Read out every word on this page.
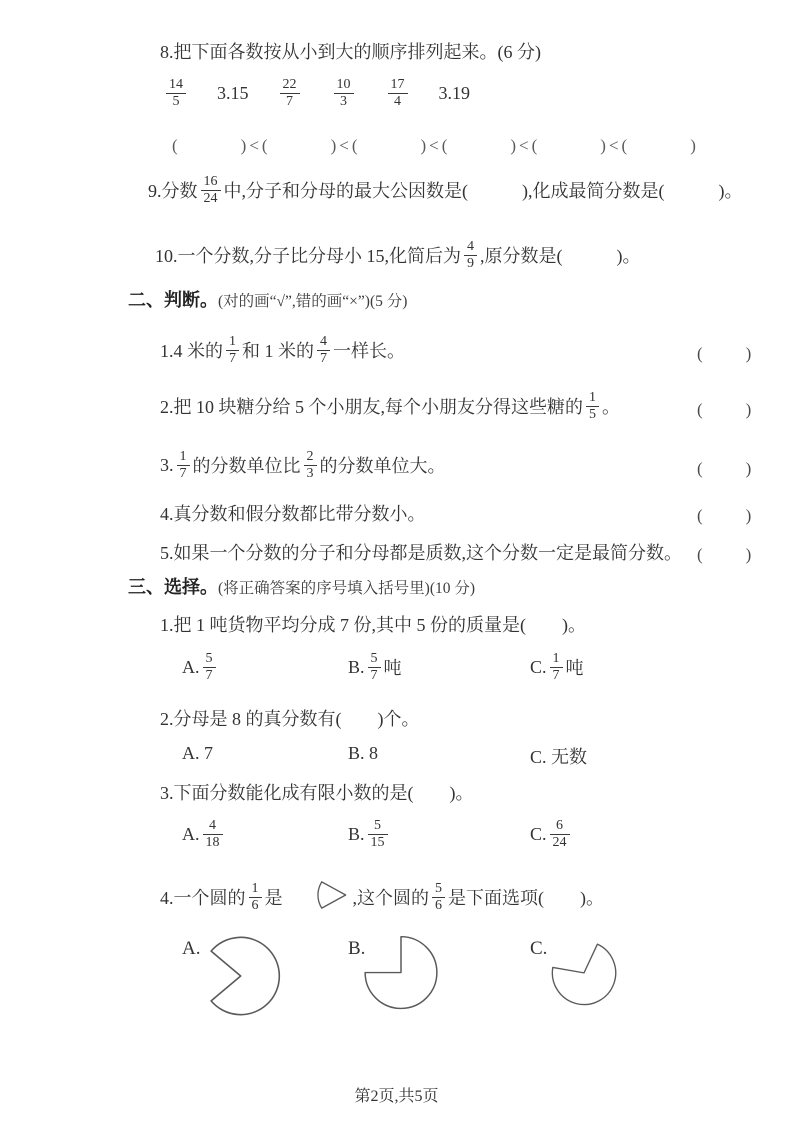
8.把下面各数按从小到大的顺序排列起来。(6 分)
14
5	3.15 22
7
10
3
17
4	3.19
(　　　)<(　　　)<(　　　)<(　　　)<(　　　)<(　　　)
9.分数 16
24 中,分子和分母的最大公因数是(　　　),化成最简分数是(　　　)。
10.一个分数,分子比分母小 15,化简后为 4
9 ,原分数是(　　　)。
二、判断。(对的画“√”,错的画“×”)(5 分)
1.4 米的 1
7 和 1 米的 4
7 一样长。	(　　)
2.把 10 块糖分给 5 个小朋友,每个小朋友分得这些糖的 1
5 。	(　　)
3. 1
7 的分数单位比 2
3 的分数单位大。	(　　)
4.真分数和假分数都比带分数小。	(　　)
5.如果一个分数的分子和分母都是质数,这个分数一定是最简分数。 (　　)
三、选择。(将正确答案的序号填入括号里)(10 分)
1.把 1 吨货物平均分成 7 份,其中 5 份的质量是(　　)。
A. 5
7	B. 5
7 吨	C. 1
7 吨
2.分母是 8 的真分数有(　　)个。
A. 7	B. 8	C. 无数
3.下面分数能化成有限小数的是(　　)。
A. 4
18	B. 5
15	C. 6
24
4.一个圆的 1
6 是

	,这个圆的 5
6 是下面选项(　　)。
A.	B.	C.
第2页,共5页
